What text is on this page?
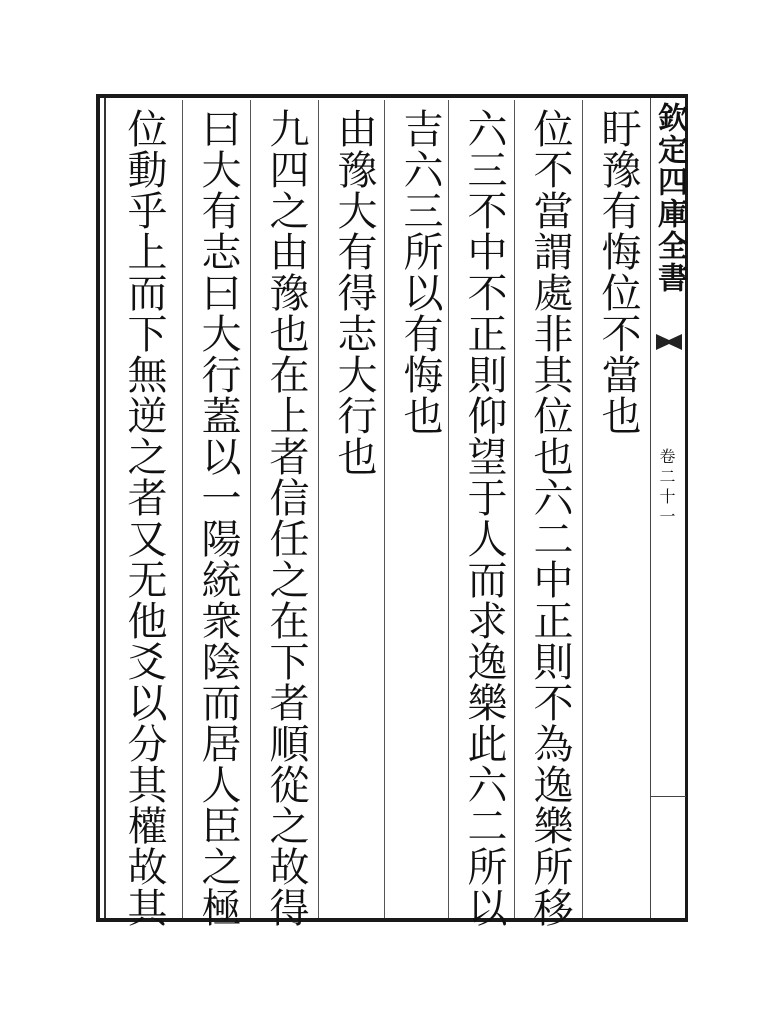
欽定四庫全書
卷二十一
盱豫有悔位不當也
位不當謂處非其位也六二中正則不為逸樂所移
六三不中不正則仰望于人而求逸樂此六二所以
吉六三所以有悔也
由豫大有得志大行也
九四之由豫也在上者信任之在下者順從之故得
曰大有志曰大行蓋以一陽統衆陰而居人臣之極
位動乎上而下無逆之者又无他爻以分其權故其
